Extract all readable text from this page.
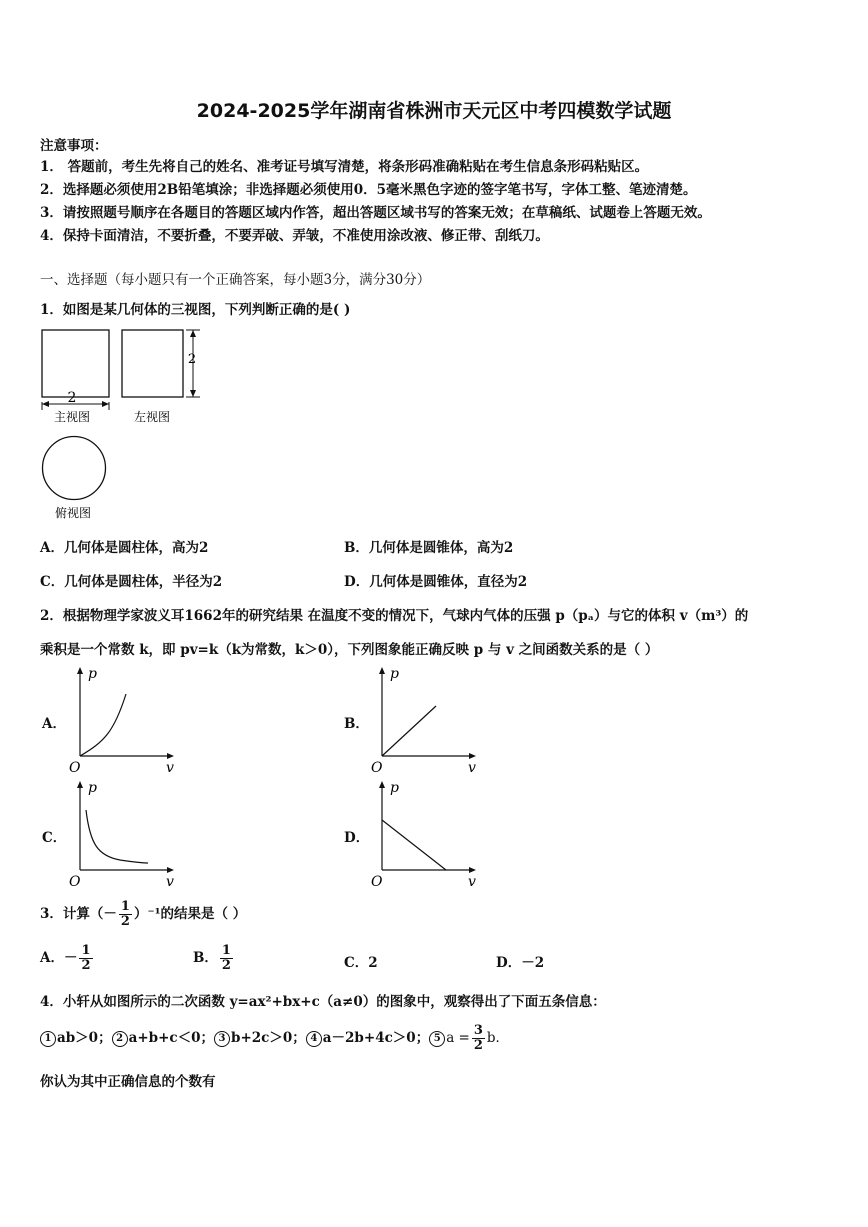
2024-2025学年湖南省株洲市天元区中考四模数学试题
注意事项：
1． 答题前，考生先将自己的姓名、准考证号填写清楚，将条形码准确粘贴在考生信息条形码粘贴区。
2．选择题必须使用2B铅笔填涂；非选择题必须使用0．5毫米黑色字迹的签字笔书写，字体工整、笔迹清楚。
3．请按照题号顺序在各题目的答题区域内作答，超出答题区域书写的答案无效；在草稿纸、试题卷上答题无效。
4．保持卡面清洁，不要折叠，不要弄破、弄皱，不准使用涂改液、修正带、刮纸刀。
一、选择题（每小题只有一个正确答案，每小题3分，满分30分）
1．如图是某几何体的三视图，下列判断正确的是( )
2
主视图
2
左视图
俯视图
A．几何体是圆柱体，高为2	B．几何体是圆锥体，高为2
C．几何体是圆柱体，半径为2	D．几何体是圆锥体，直径为2
2．根据物理学家波义耳1662年的研究结果 在温度不变的情况下，气球内气体的压强 p（pₐ）与它的体积 v（m³）的
乘积是一个常数 k，即 pv=k（k为常数，k＞0），下列图象能正确反映 p 与 v 之间函数关系的是（ ）
A．	B．
C．	D．
p
v
O
p
v
O
p
v
O
p
v
O
3．计算（－ $\frac{1}{2} )^{-1}$的结果是（ ）
A．－ $\frac{1}{2}$	B． $\frac{1}{2}$	C．2	D．－2
4．小轩从如图所示的二次函数 y=ax²+bx+c（a≠0）的图象中，观察得出了下面五条信息：
1 ab＞0； 2 a+b+c＜0； 3 b+2c＞0； 4 a－2b+4c＞0； 5 $a = \frac{3}{2}$ b．
你认为其中正确信息的个数有
